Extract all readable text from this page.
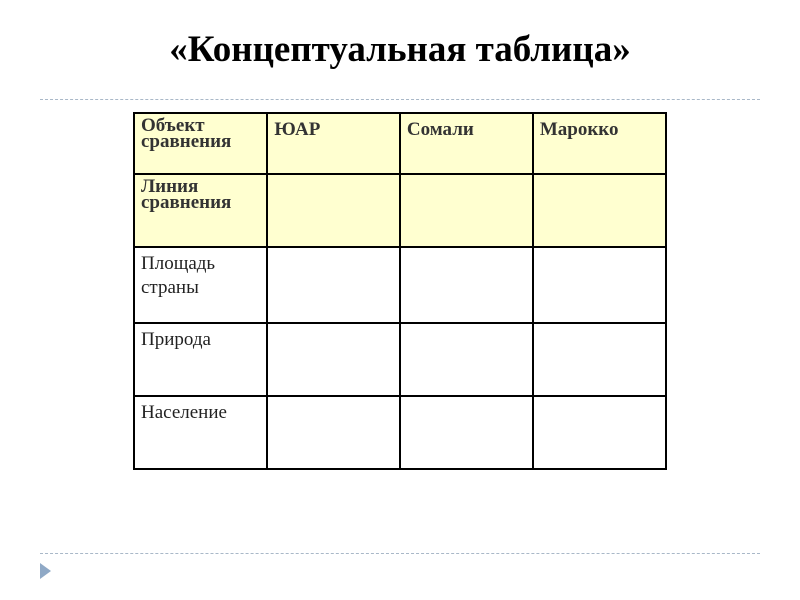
«Концептуальная таблица»
Объект сравнения	ЮАР	Сомали	Марокко
Линия сравнения			
Площадь страны			
Природа			
Население			
